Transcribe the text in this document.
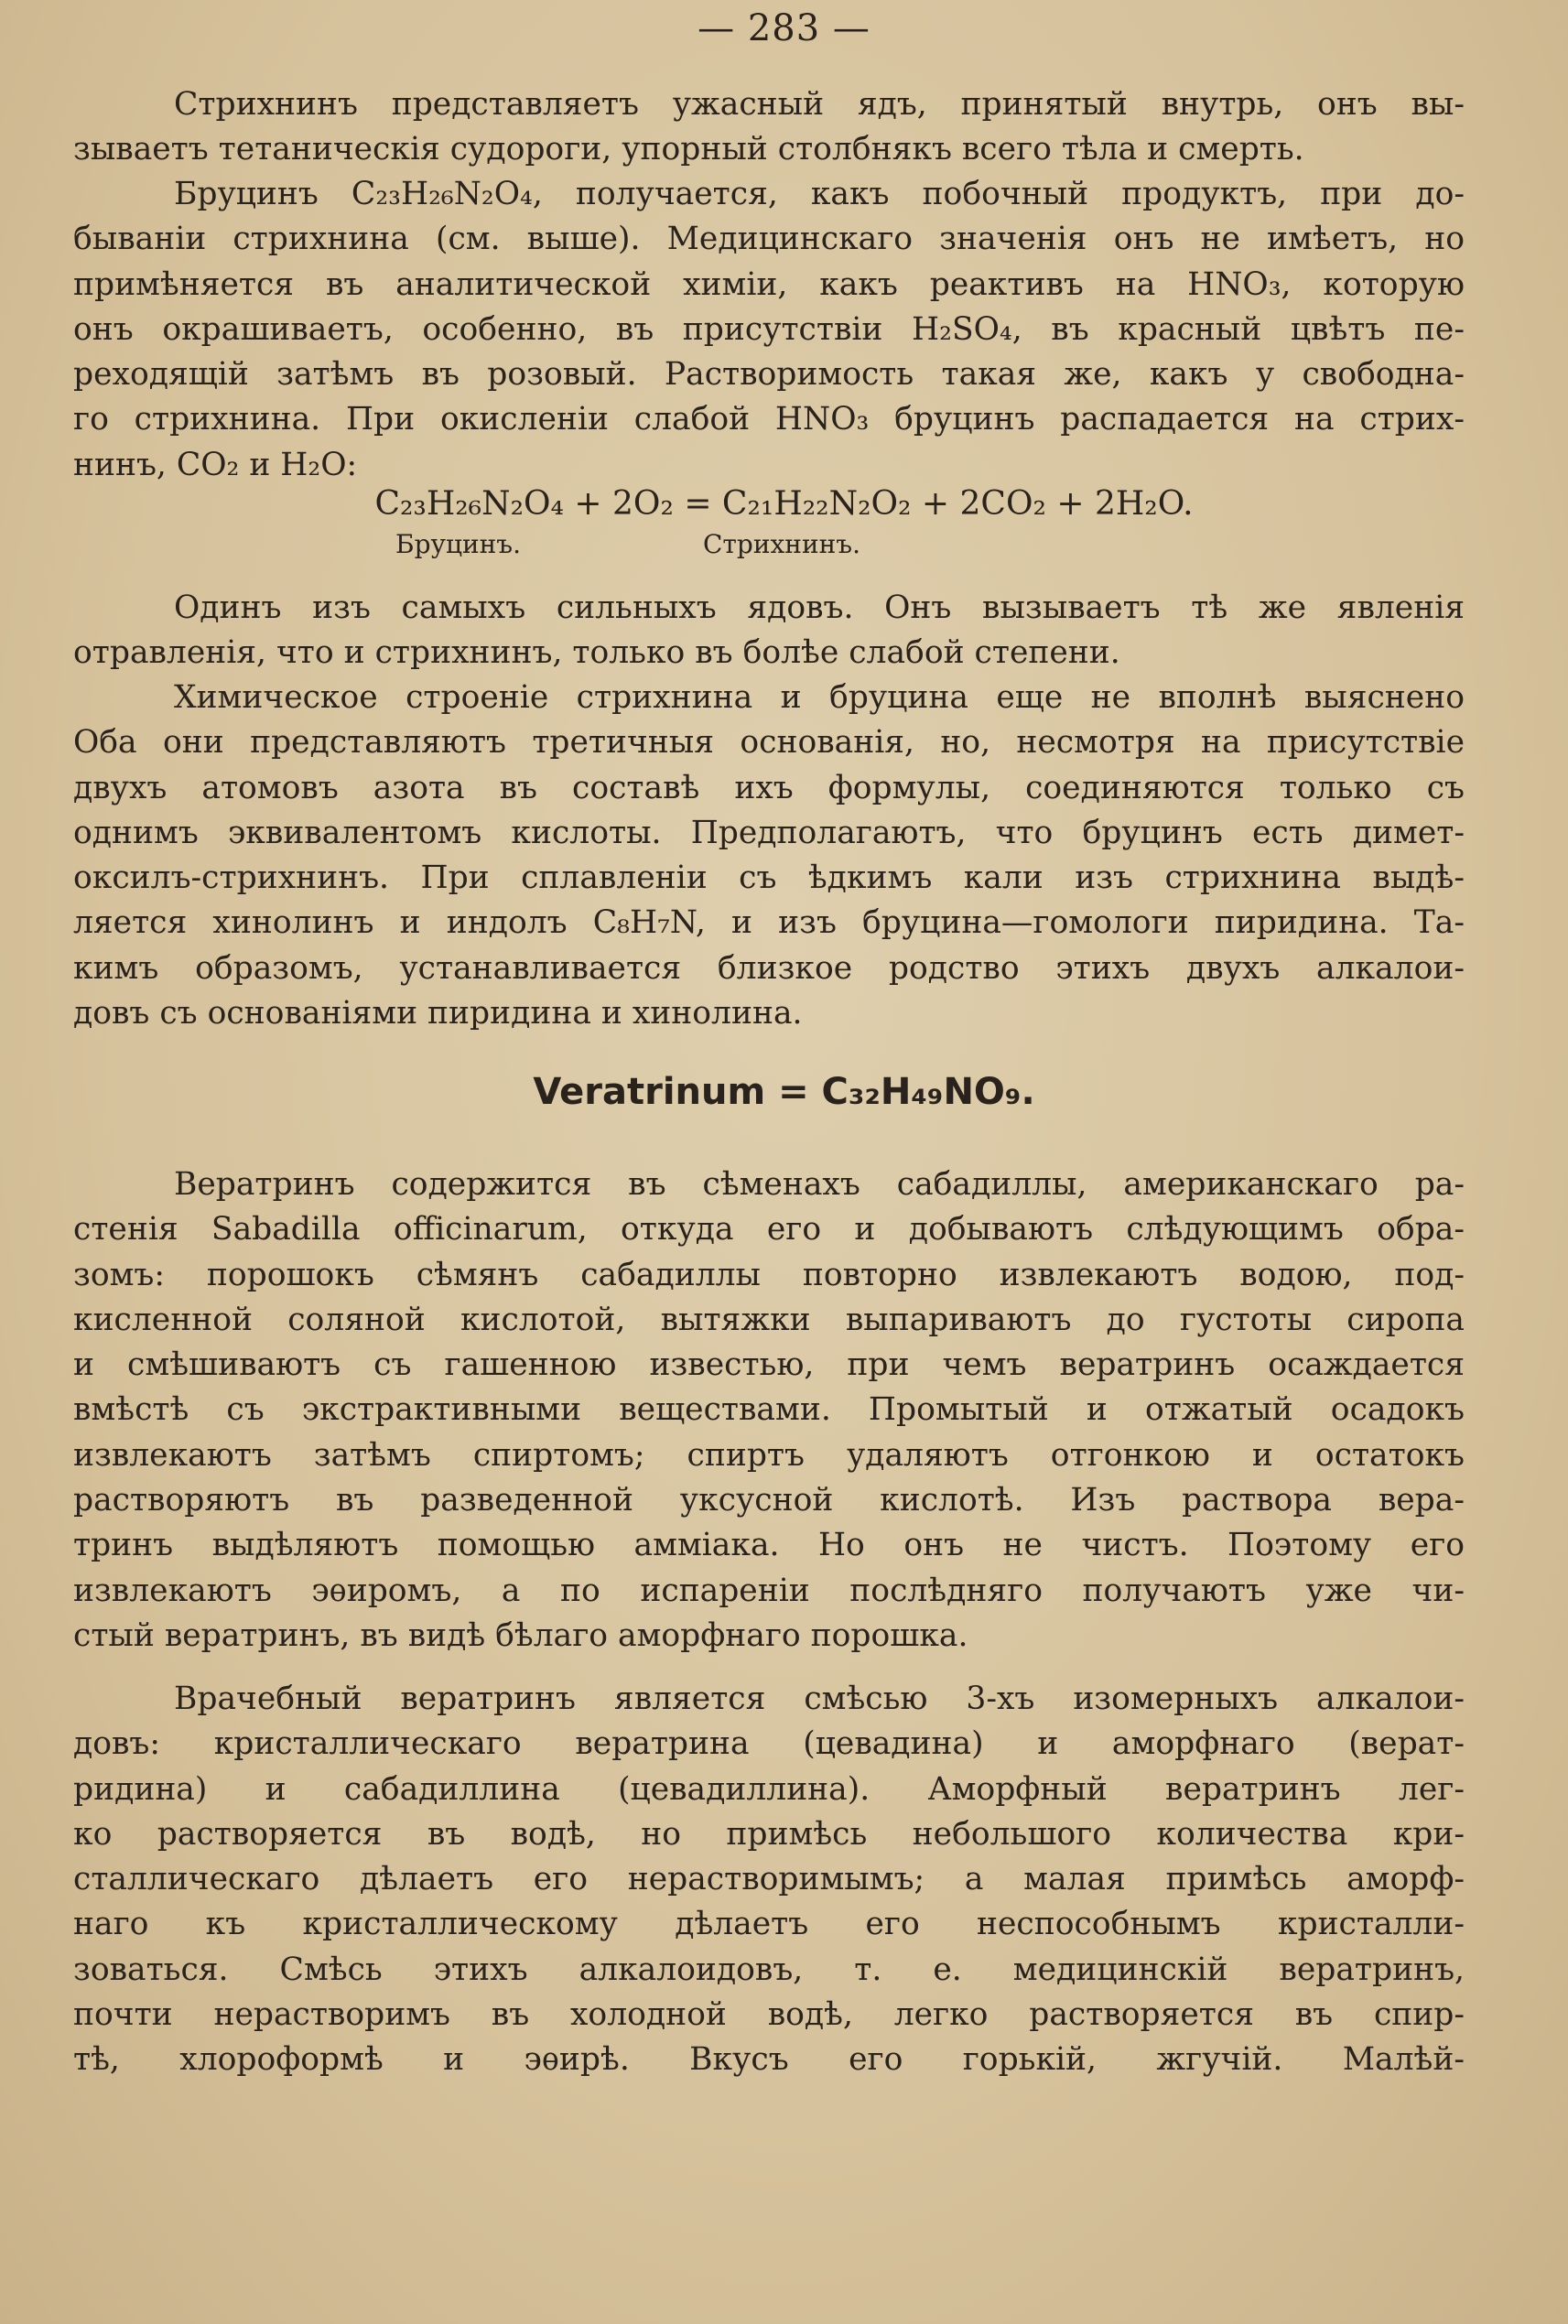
— 283 —
Стрихнинъ представляетъ ужасный ядъ, принятый внутрь, онъ вы-
зываетъ тетаническія судороги, упорный столбнякъ всего тѣла и смерть.
Бруцинъ C₂₃H₂₆N₂O₄, получается, какъ побочный продуктъ, при до-
бываніи стрихнина (см. выше). Медицинскаго значенія онъ не имѣетъ, но
примѣняется въ аналитической химіи, какъ реактивъ на HNO₃, которую
онъ окрашиваетъ, особенно, въ присутствіи H₂SO₄, въ красный цвѣтъ пе-
реходящій затѣмъ въ розовый. Растворимость такая же, какъ у свободна-
го стрихнина. При окисленіи слабой HNO₃ бруцинъ распадается на стрих-
нинъ, CO₂ и H₂O:
C₂₃H₂₆N₂O₄ + 2O₂ = C₂₁H₂₂N₂O₂ + 2CO₂ + 2H₂O.
Бруцинъ.	Стрихнинъ.
Одинъ изъ самыхъ сильныхъ ядовъ. Онъ вызываетъ тѣ же явленія
отравленія, что и стрихнинъ, только въ болѣе слабой степени.
Химическое строеніе стрихнина и бруцина еще не вполнѣ выяснено
Оба они представляютъ третичныя основанія, но, несмотря на присутствіе
двухъ атомовъ азота въ составѣ ихъ формулы, соединяются только съ
однимъ эквивалентомъ кислоты. Предполагаютъ, что бруцинъ есть димет-
оксилъ-стрихнинъ. При сплавленіи съ ѣдкимъ кали изъ стрихнина выдѣ-
ляется хинолинъ и индолъ C₈H₇N, и изъ бруцина—гомологи пиридина. Та-
кимъ образомъ, устанавливается близкое родство этихъ двухъ алкалои-
довъ съ основаніями пиридина и хинолина.
Veratrinum = C₃₂H₄₉NO₉.
Вератринъ содержится въ сѣменахъ сабадиллы, американскаго ра-
стенія Sabadilla officinarum, откуда его и добываютъ слѣдующимъ обра-
зомъ: порошокъ сѣмянъ сабадиллы повторно извлекаютъ водою, под-
кисленной соляной кислотой, вытяжки выпариваютъ до густоты сиропа
и смѣшиваютъ съ гашенною известью, при чемъ вератринъ осаждается
вмѣстѣ съ экстрактивными веществами. Промытый и отжатый осадокъ
извлекаютъ затѣмъ спиртомъ; спиртъ удаляютъ отгонкою и остатокъ
растворяютъ въ разведенной уксусной кислотѣ. Изъ раствора вера-
тринъ выдѣляютъ помощью амміака. Но онъ не чистъ. Поэтому его
извлекаютъ эѳиромъ, а по испареніи послѣдняго получаютъ уже чи-
стый вератринъ, въ видѣ бѣлаго аморфнаго порошка.
Врачебный вератринъ является смѣсью 3-хъ изомерныхъ алкалои-
довъ: кристаллическаго вератрина (цевадина) и аморфнаго (верат-
ридина) и сабадиллина (цевадиллина). Аморфный вератринъ лег-
ко растворяется въ водѣ, но примѣсь небольшого количества кри-
сталлическаго дѣлаетъ его нерастворимымъ; а малая примѣсь аморф-
наго къ кристаллическому дѣлаетъ его неспособнымъ кристалли-
зоваться. Смѣсь этихъ алкалоидовъ, т. е. медицинскій вератринъ,
почти нерастворимъ въ холодной водѣ, легко растворяется въ спир-
тѣ, хлороформѣ и эѳирѣ. Вкусъ его горькій, жгучій. Малѣй-
